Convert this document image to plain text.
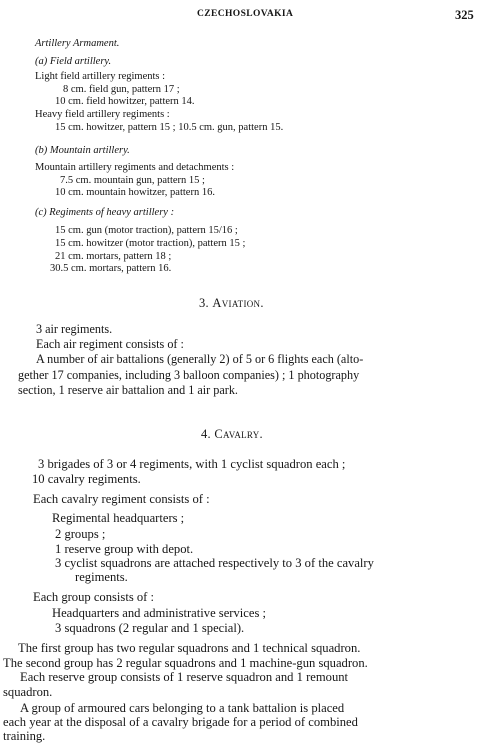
CZECHOSLOVAKIA	325
Artillery Armament.
(a) Field artillery.
Light field artillery regiments :
8 cm. field gun, pattern 17 ;
10 cm. field howitzer, pattern 14.
Heavy field artillery regiments :
15 cm. howitzer, pattern 15 ; 10.5 cm. gun, pattern 15.
(b) Mountain artillery.
Mountain artillery regiments and detachments :
7.5 cm. mountain gun, pattern 15 ;
10 cm. mountain howitzer, pattern 16.
(c) Regiments of heavy artillery :
15 cm. gun (motor traction), pattern 15/16 ;
15 cm. howitzer (motor traction), pattern 15 ;
21 cm. mortars, pattern 18 ;
30.5 cm. mortars, pattern 16.
3. Aviation.
3 air regiments.
Each air regiment consists of :
A number of air battalions (generally 2) of 5 or 6 flights each (alto-
gether 17 companies, including 3 balloon companies) ; 1 photography
section, 1 reserve air battalion and 1 air park.
4. Cavalry.
3 brigades of 3 or 4 regiments, with 1 cyclist squadron each ;
10 cavalry regiments.
Each cavalry regiment consists of :
Regimental headquarters ;
2 groups ;
1 reserve group with depot.
3 cyclist squadrons are attached respectively to 3 of the cavalry
regiments.
Each group consists of :
Headquarters and administrative services ;
3 squadrons (2 regular and 1 special).
The first group has two regular squadrons and 1 technical squadron.
The second group has 2 regular squadrons and 1 machine-gun squadron.
Each reserve group consists of 1 reserve squadron and 1 remount
squadron.
A group of armoured cars belonging to a tank battalion is placed
each year at the disposal of a cavalry brigade for a period of combined
training.
